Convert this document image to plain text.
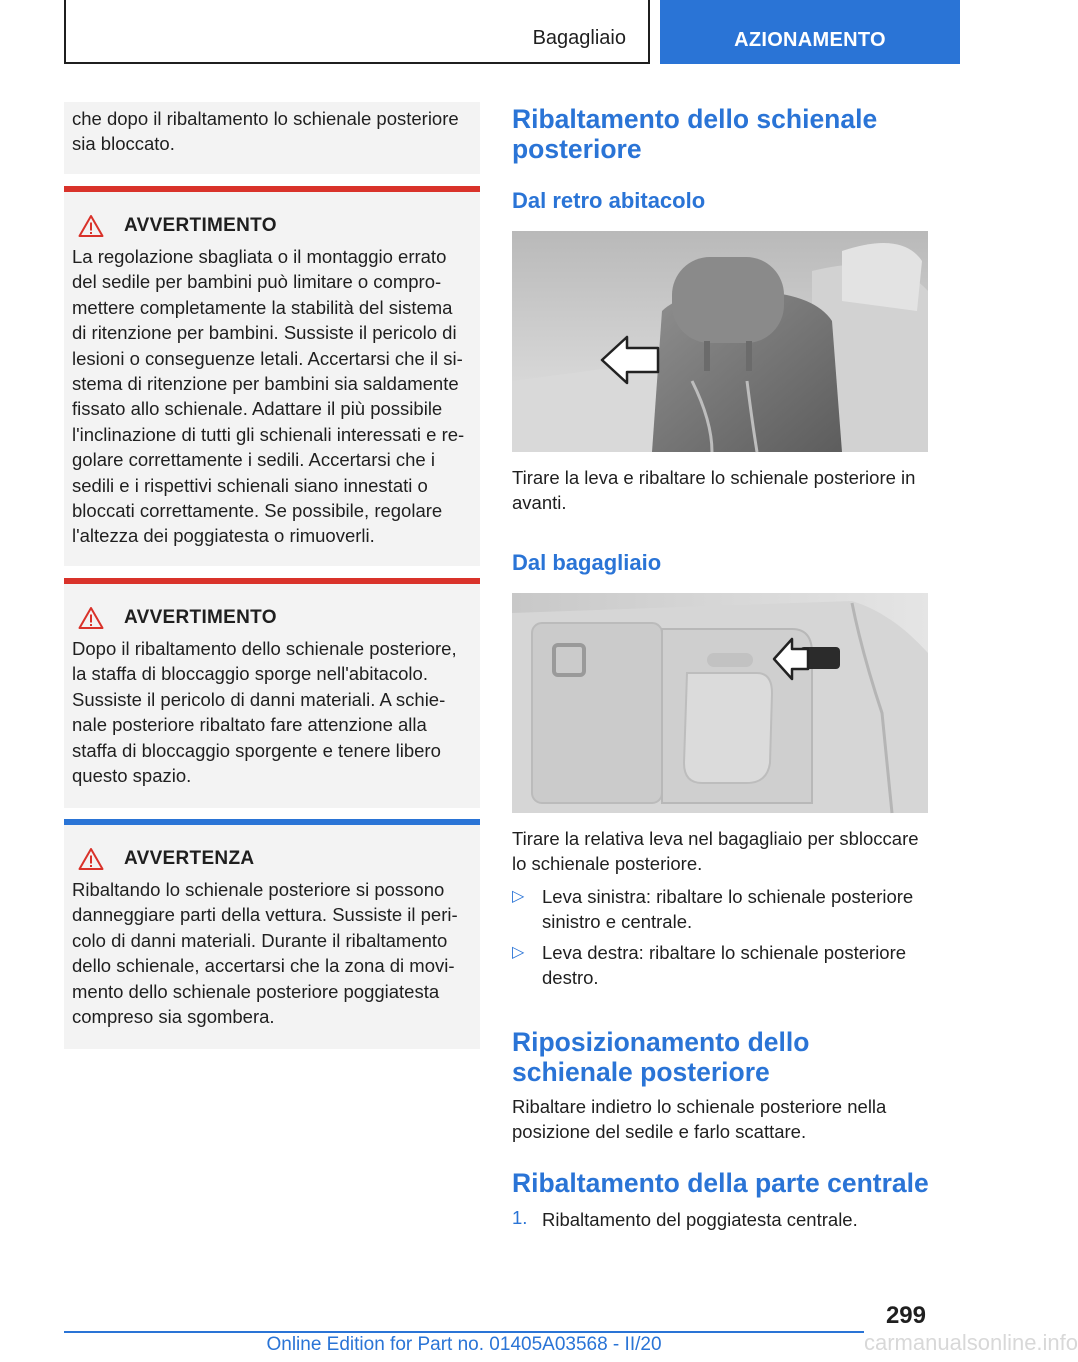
Bagagliaio	AZIONAMENTO

che dopo il ribaltamento lo schienale posteriore sia bloccato.

AVVERTIMENTO
La regolazione sbagliata o il montaggio errato
del sedile per bambini può limitare o compro-
mettere completamente la stabilità del sistema
di ritenzione per bambini. Sussiste il pericolo di
lesioni o conseguenze letali. Accertarsi che il si-
stema di ritenzione per bambini sia saldamente
fissato allo schienale. Adattare il più possibile
l'inclinazione di tutti gli schienali interessati e re-
golare correttamente i sedili. Accertarsi che i
sedili e i rispettivi schienali siano innestati o
bloccati correttamente. Se possibile, regolare
l'altezza dei poggiatesta o rimuoverli.
AVVERTIMENTO
Dopo il ribaltamento dello schienale posteriore,
la staffa di bloccaggio sporge nell'abitacolo.
Sussiste il pericolo di danni materiali. A schie-
nale posteriore ribaltato fare attenzione alla
staffa di bloccaggio sporgente e tenere libero
questo spazio.
AVVERTENZA
Ribaltando lo schienale posteriore si possono
danneggiare parti della vettura. Sussiste il peri-
colo di danni materiali. Durante il ribaltamento
dello schienale, accertarsi che la zona di movi-
mento dello schienale posteriore poggiatesta
compreso sia sgombera.
Ribaltamento dello schienale
posteriore
Dal retro abitacolo
Tirare la leva e ribaltare lo schienale posteriore in
avanti.
Dal bagagliaio
Tirare la relativa leva nel bagagliaio per sbloccare
lo schienale posteriore.
▷ Leva sinistra: ribaltare lo schienale posteriore
sinistro e centrale.
▷ Leva destra: ribaltare lo schienale posteriore
destro.
Riposizionamento dello
schienale posteriore
Ribaltare indietro lo schienale posteriore nella
posizione del sedile e farlo scattare.
Ribaltamento della parte centrale
1. Ribaltamento del poggiatesta centrale.
299
Online Edition for Part no. 01405A03568 - II/20	carmanualsonline.info
